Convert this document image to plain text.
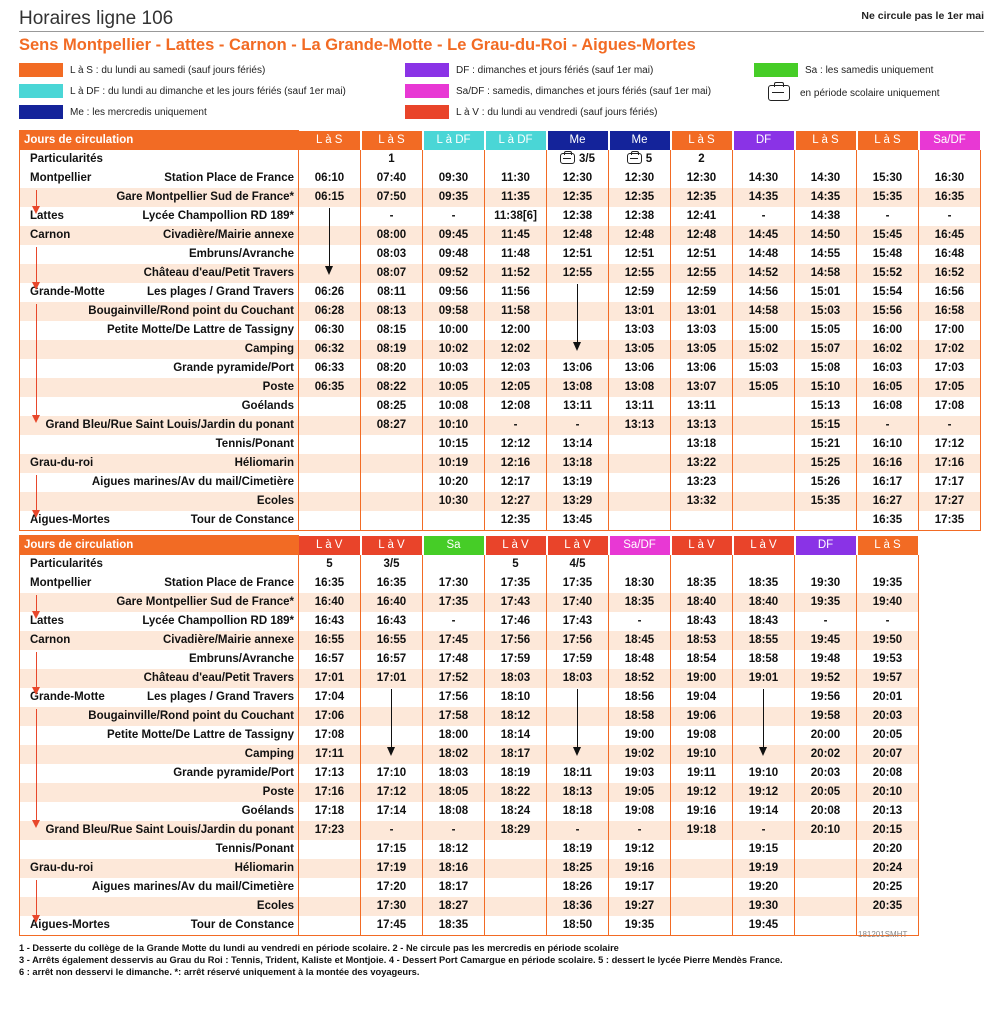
Horaires ligne 106	Ne circule pas le 1er mai
Sens Montpellier - Lattes - Carnon - La Grande-Motte - Le Grau-du-Roi - Aigues-Mortes
L à S : du lundi au samedi (sauf jours fériés)
L à DF : du lundi au dimanche et les jours fériés (sauf 1er mai)
Me : les mercredis uniquement
DF : dimanches et jours fériés (sauf 1er mai)
Sa/DF : samedis, dimanches et jours fériés (sauf 1er mai)
L à V : du lundi au vendredi (sauf jours fériés)
Sa : les samedis uniquement
en période scolaire uniquement
Jours de circulation	L à S	L à S	L à DF	L à DF	Me	Me	L à S	DF	L à S	L à S	Sa/DF

Particularités		1			3/5	5	2				

Montpellier Station Place de France	06:10	07:40	09:30	11:30	12:30	12:30	12:30	14:30	14:30	15:30	16:30

Gare Montpellier Sud de France*	06:15	07:50	09:35	11:35	12:35	12:35	12:35	14:35	14:35	15:35	16:35

Lattes Lycée Champollion RD 189*		-	-	11:38[6]	12:38	12:38	12:41	-	14:38	-	-

Carnon Civadière/Mairie annexe		08:00	09:45	11:45	12:48	12:48	12:48	14:45	14:50	15:45	16:45

Embruns/Avranche		08:03	09:48	11:48	12:51	12:51	12:51	14:48	14:55	15:48	16:48

Château d'eau/Petit Travers		08:07	09:52	11:52	12:55	12:55	12:55	14:52	14:58	15:52	16:52

Grande-Motte Les plages / Grand Travers	06:26	08:11	09:56	11:56		12:59	12:59	14:56	15:01	15:54	16:56

Bougainville/Rond point du Couchant	06:28	08:13	09:58	11:58		13:01	13:01	14:58	15:03	15:56	16:58

Petite Motte/De Lattre de Tassigny	06:30	08:15	10:00	12:00		13:03	13:03	15:00	15:05	16:00	17:00

Camping	06:32	08:19	10:02	12:02		13:05	13:05	15:02	15:07	16:02	17:02

Grande pyramide/Port	06:33	08:20	10:03	12:03	13:06	13:06	13:06	15:03	15:08	16:03	17:03

Poste	06:35	08:22	10:05	12:05	13:08	13:08	13:07	15:05	15:10	16:05	17:05

Goélands		08:25	10:08	12:08	13:11	13:11	13:11		15:13	16:08	17:08

Grand Bleu/Rue Saint Louis/Jardin du ponant		08:27	10:10	-	-	13:13	13:13		15:15	-	-

Tennis/Ponant			10:15	12:12	13:14		13:18		15:21	16:10	17:12

Grau-du-roi Héliomarin			10:19	12:16	13:18		13:22		15:25	16:16	17:16

Aigues marines/Av du mail/Cimetière			10:20	12:17	13:19		13:23		15:26	16:17	17:17

Ecoles			10:30	12:27	13:29		13:32		15:35	16:27	17:27

Aigues-Mortes Tour de Constance				12:35	13:45					16:35	17:35
Jours de circulation	L à V	L à V	Sa	L à V	L à V	Sa/DF	L à V	L à V	DF	L à S

Particularités	5	3/5		5	4/5					

Montpellier Station Place de France	16:35	16:35	17:30	17:35	17:35	18:30	18:35	18:35	19:30	19:35

Gare Montpellier Sud de France*	16:40	16:40	17:35	17:43	17:40	18:35	18:40	18:40	19:35	19:40

Lattes Lycée Champollion RD 189*	16:43	16:43	-	17:46	17:43	-	18:43	18:43	-	-

Carnon Civadière/Mairie annexe	16:55	16:55	17:45	17:56	17:56	18:45	18:53	18:55	19:45	19:50

Embruns/Avranche	16:57	16:57	17:48	17:59	17:59	18:48	18:54	18:58	19:48	19:53

Château d'eau/Petit Travers	17:01	17:01	17:52	18:03	18:03	18:52	19:00	19:01	19:52	19:57

Grande-Motte Les plages / Grand Travers	17:04		17:56	18:10		18:56	19:04		19:56	20:01

Bougainville/Rond point du Couchant	17:06		17:58	18:12		18:58	19:06		19:58	20:03

Petite Motte/De Lattre de Tassigny	17:08		18:00	18:14		19:00	19:08		20:00	20:05

Camping	17:11		18:02	18:17		19:02	19:10		20:02	20:07

Grande pyramide/Port	17:13	17:10	18:03	18:19	18:11	19:03	19:11	19:10	20:03	20:08

Poste	17:16	17:12	18:05	18:22	18:13	19:05	19:12	19:12	20:05	20:10

Goélands	17:18	17:14	18:08	18:24	18:18	19:08	19:16	19:14	20:08	20:13

Grand Bleu/Rue Saint Louis/Jardin du ponant	17:23	-	-	18:29	-	-	19:18	-	20:10	20:15

Tennis/Ponant		17:15	18:12		18:19	19:12		19:15		20:20

Grau-du-roi Héliomarin		17:19	18:16		18:25	19:16		19:19		20:24

Aigues marines/Av du mail/Cimetière		17:20	18:17		18:26	19:17		19:20		20:25

Ecoles		17:30	18:27		18:36	19:27		19:30		20:35

Aigues-Mortes Tour de Constance		17:45	18:35		18:50	19:35		19:45		
181201SMHT
1 - Desserte du collège de la Grande Motte du lundi au vendredi en période scolaire. 2 - Ne circule pas les mercredis en période scolaire
3 - Arrêts également desservis au Grau du Roi : Tennis, Trident, Kaliste et Montjoie. 4 - Dessert Port Camargue en période scolaire. 5 : dessert le lycée Pierre Mendès France.
6 : arrêt non desservi le dimanche. *: arrêt réservé uniquement à la montée des voyageurs.
